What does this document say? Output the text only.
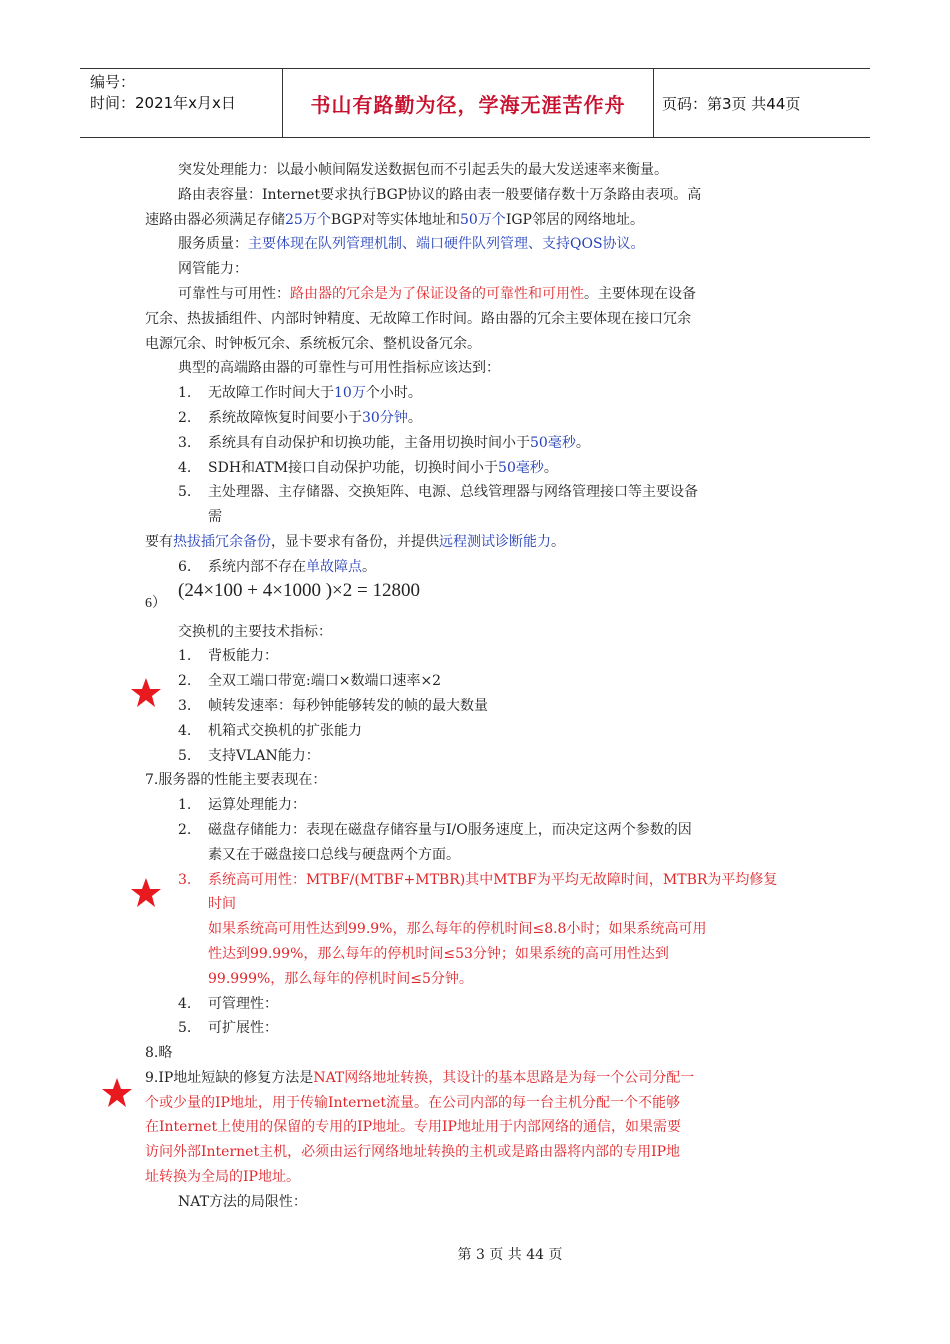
编号：
时间：2021年x月x日	书山有路勤为径，学海无涯苦作舟 页码：第3页 共44页
突发处理能力：以最小帧间隔发送数据包而不引起丢失的最大发送速率来衡量。
路由表容量：Internet要求执行BGP协议的路由表一般要储存数十万条路由表项。高
速路由器必须满足存储25万个BGP对等实体地址和50万个IGP邻居的网络地址。
服务质量：主要体现在队列管理机制、端口硬件队列管理、支持QOS协议。
网管能力：
可靠性与可用性：路由器的冗余是为了保证设备的可靠性和可用性。主要体现在设备
冗余、热拔插组件、内部时钟精度、无故障工作时间。路由器的冗余主要体现在接口冗余
电源冗余、时钟板冗余、系统板冗余、整机设备冗余。
典型的高端路由器的可靠性与可用性指标应该达到：
1. 无故障工作时间大于10万个小时。
2. 系统故障恢复时间要小于30分钟。
3. 系统具有自动保护和切换功能，主备用切换时间小于50毫秒。
4. SDH和ATM接口自动保护功能，切换时间小于50毫秒。
5. 主处理器、主存储器、交换矩阵、电源、总线管理器与网络管理接口等主要设备
需
要有热拔插冗余备份，显卡要求有备份，并提供远程测试诊断能力。
6. 系统内部不存在单故障点。
6）
(24×100 + 4×1000 )×2 = 12800
交换机的主要技术指标：
1. 背板能力：
2. 全双工端口带宽:端口×数端口速率×2
3. 帧转发速率：每秒钟能够转发的帧的最大数量
4. 机箱式交换机的扩张能力
5. 支持VLAN能力：
7.服务器的性能主要表现在：
1. 运算处理能力：
2. 磁盘存储能力：表现在磁盘存储容量与I/O服务速度上，而决定这两个参数的因
素又在于磁盘接口总线与硬盘两个方面。
3. 系统高可用性：MTBF/(MTBF+MTBR)其中MTBF为平均无故障时间，MTBR为平均修复
时间
如果系统高可用性达到99.9%，那么每年的停机时间≤8.8小时；如果系统高可用
性达到99.99%，那么每年的停机时间≤53分钟；如果系统的高可用性达到
99.999%，那么每年的停机时间≤5分钟。
4. 可管理性：
5. 可扩展性：
8.略
9.IP地址短缺的修复方法是NAT网络地址转换，其设计的基本思路是为每一个公司分配一
个或少量的IP地址，用于传输Internet流量。在公司内部的每一台主机分配一个不能够
在Internet上使用的保留的专用的IP地址。专用IP地址用于内部网络的通信，如果需要
访问外部Internet主机，必须由运行网络地址转换的主机或是路由器将内部的专用IP地
址转换为全局的IP地址。
NAT方法的局限性：
第 3 页 共 44 页
